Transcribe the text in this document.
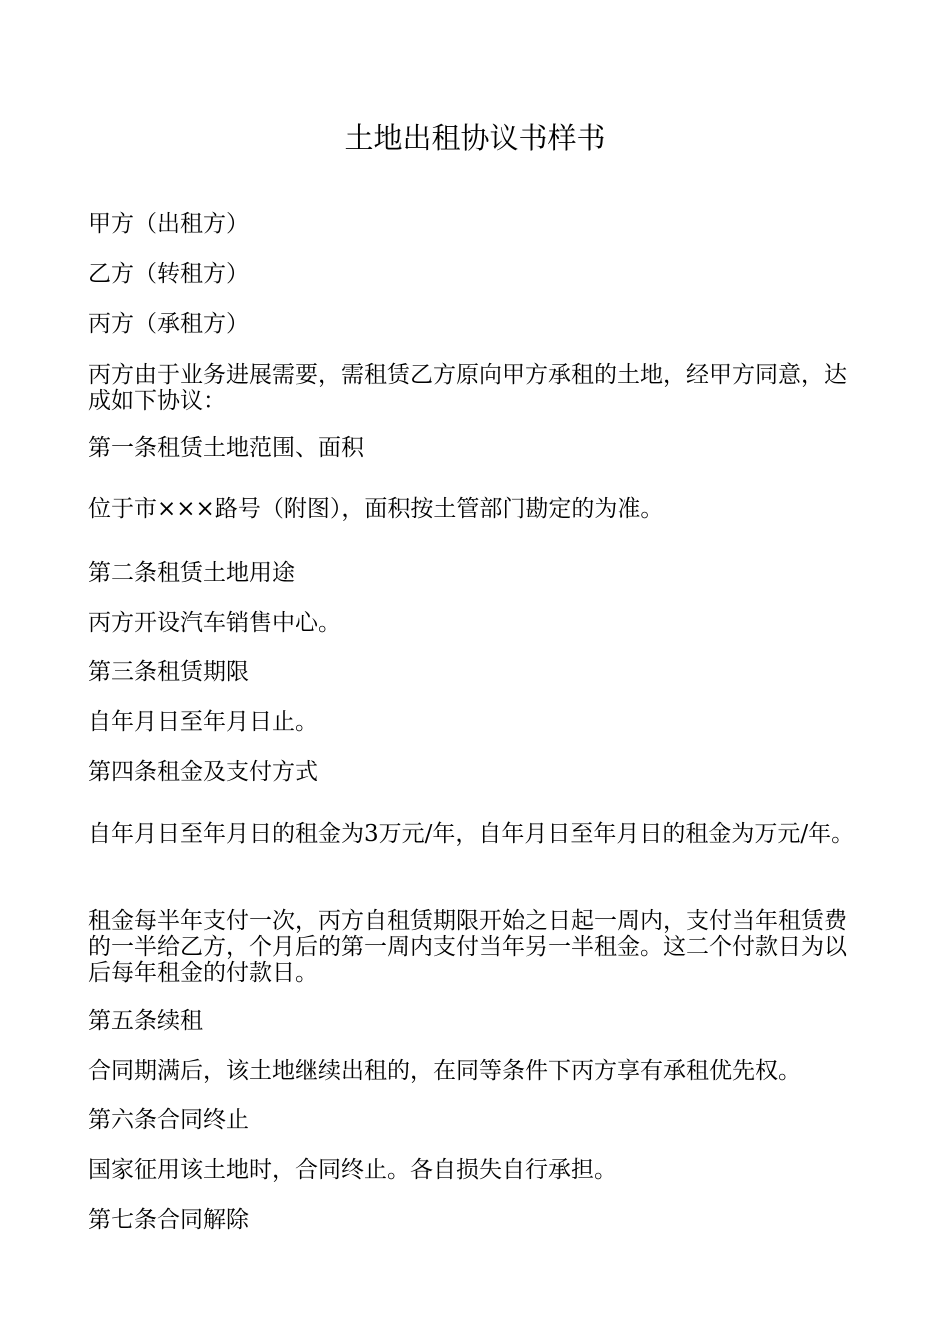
土地出租协议书样书

甲方（出租方）

乙方（转租方）

丙方（承租方）

丙方由于业务进展需要，需租赁乙方原向甲方承租的土地，经甲方同意，达成如下协议：

第一条租赁土地范围、面积

位于市×××路号（附图），面积按土管部门勘定的为准。

第二条租赁土地用途

丙方开设汽车销售中心。

第三条租赁期限

自年月日至年月日止。

第四条租金及支付方式

自年月日至年月日的租金为3万元/年，自年月日至年月日的租金为万元/年。

租金每半年支付一次，丙方自租赁期限开始之日起一周内，支付当年租赁费的一半给乙方，个月后的第一周内支付当年另一半租金。这二个付款日为以后每年租金的付款日。

第五条续租

合同期满后，该土地继续出租的，在同等条件下丙方享有承租优先权。

第六条合同终止

国家征用该土地时，合同终止。各自损失自行承担。

第七条合同解除
